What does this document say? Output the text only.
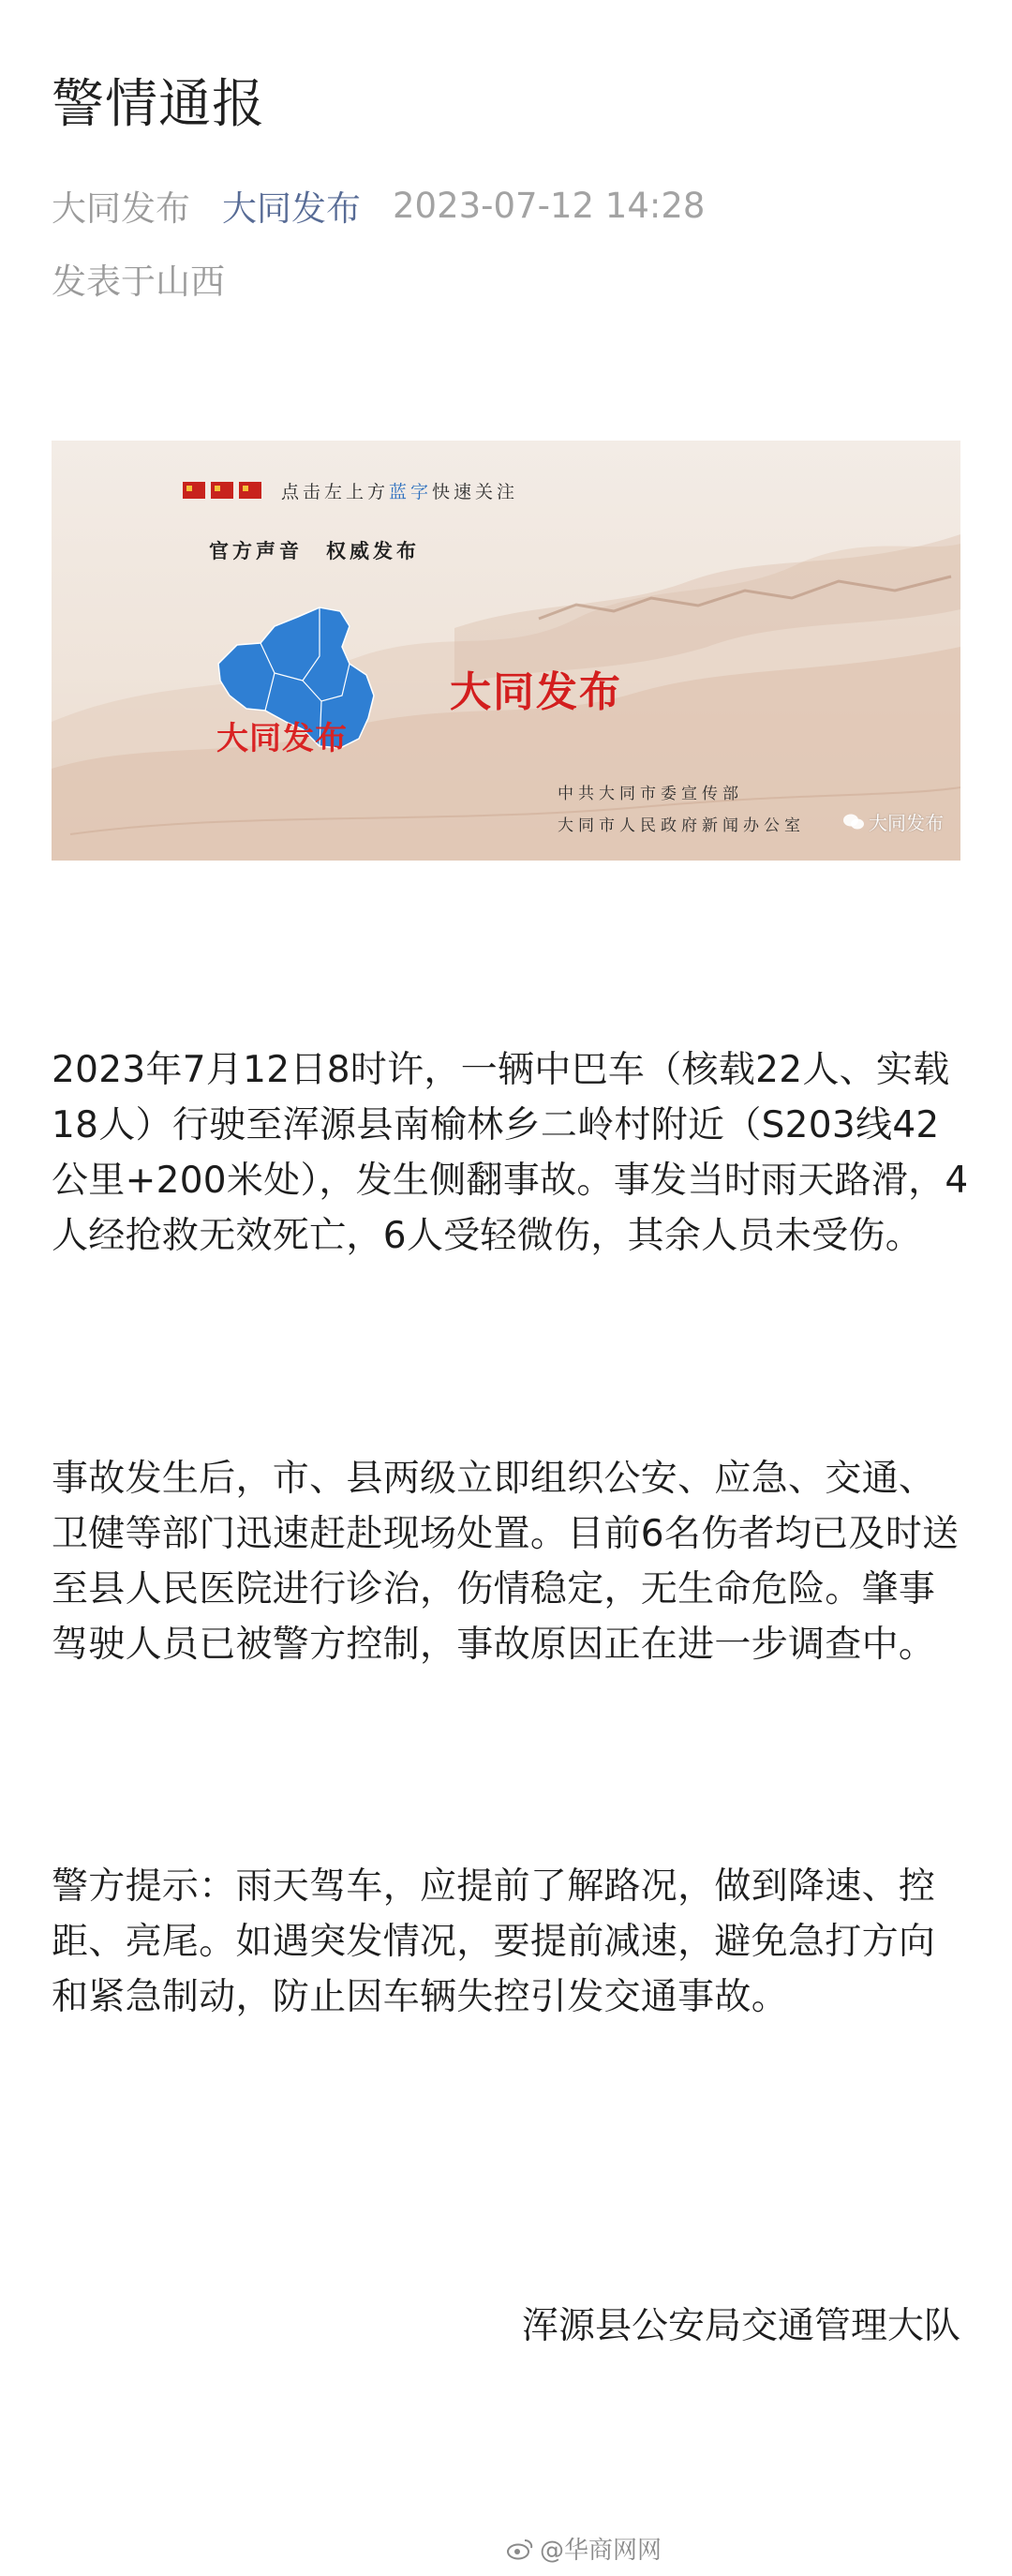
警情通报
大同发布 大同发布 2023-07-12 14:28
发表于山西
点击左上方蓝字快速关注
官方声音　权威发布
大同发布
大同发布
中共大同市委宣传部
大同市人民政府新闻办公室	大同发布

2023年7月12日8时许，一辆中巴车（核载22人、实载18人）行驶至浑源县南榆林乡二岭村附近（S203线42公里+200米处），发生侧翻事故。事发当时雨天路滑，4人经抢救无效死亡，6人受轻微伤，其余人员未受伤。

事故发生后，市、县两级立即组织公安、应急、交通、卫健等部门迅速赶赴现场处置。目前6名伤者均已及时送至县人民医院进行诊治，伤情稳定，无生命危险。肇事驾驶人员已被警方控制，事故原因正在进一步调查中。

警方提示：雨天驾车，应提前了解路况，做到降速、控距、亮尾。如遇突发情况，要提前减速，避免急打方向和紧急制动，防止因车辆失控引发交通事故。

浑源县公安局交通管理大队
@华商网网
